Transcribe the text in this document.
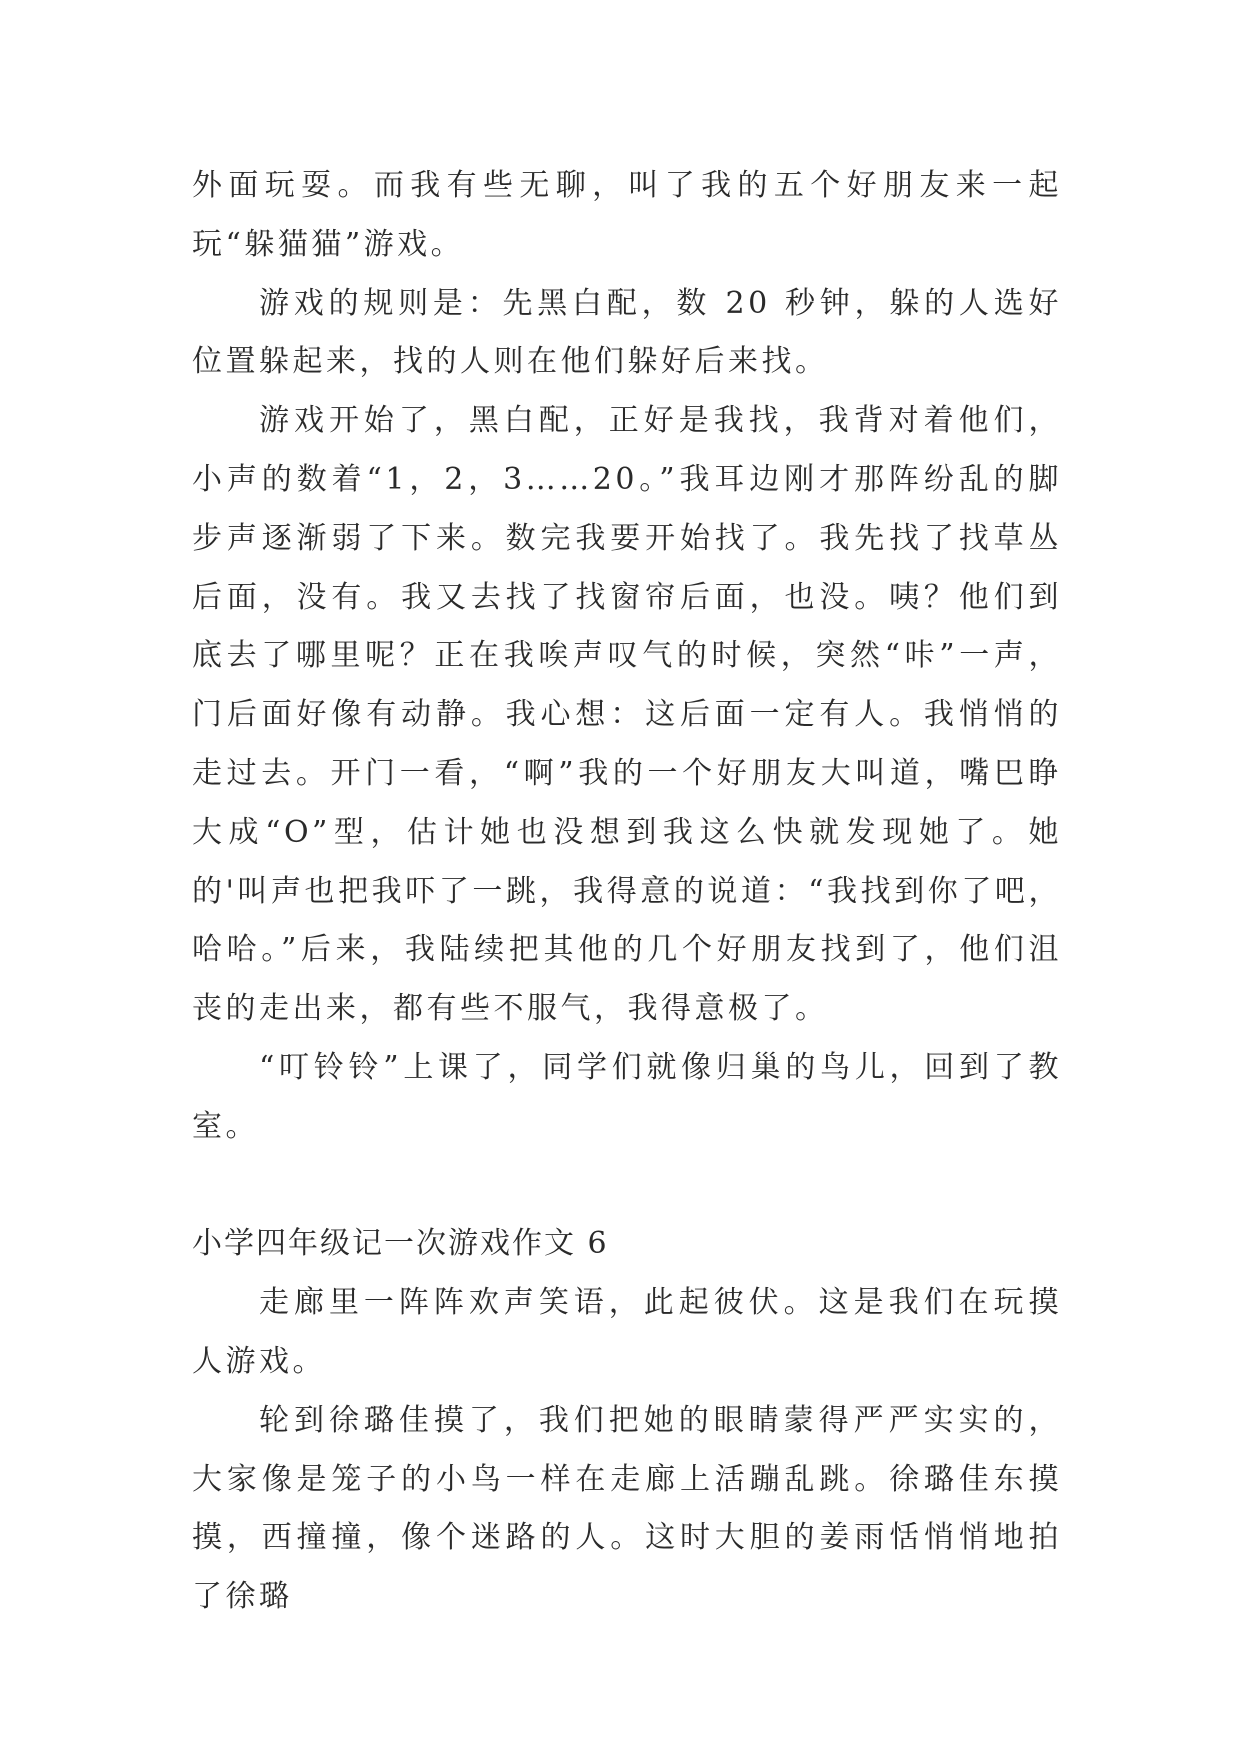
外面玩耍。而我有些无聊，叫了我的五个好朋友来一起玩“躲猫猫”游戏。

游戏的规则是：先黑白配，数 20 秒钟，躲的人选好位置躲起来，找的人则在他们躲好后来找。

游戏开始了，黑白配，正好是我找，我背对着他们，小声的数着“1，2，3……20。”我耳边刚才那阵纷乱的脚步声逐渐弱了下来。数完我要开始找了。我先找了找草丛后面，没有。我又去找了找窗帘后面，也没。咦？他们到底去了哪里呢？正在我唉声叹气的时候，突然“咔”一声，门后面好像有动静。我心想：这后面一定有人。我悄悄的走过去。开门一看，“啊”我的一个好朋友大叫道，嘴巴睁大成“O”型，估计她也没想到我这么快就发现她了。她的'叫声也把我吓了一跳，我得意的说道：“我找到你了吧，哈哈。”后来，我陆续把其他的几个好朋友找到了，他们沮丧的走出来，都有些不服气，我得意极了。

“叮铃铃”上课了，同学们就像归巢的鸟儿，回到了教室。

小学四年级记一次游戏作文 6

走廊里一阵阵欢声笑语，此起彼伏。这是我们在玩摸人游戏。

轮到徐璐佳摸了，我们把她的眼睛蒙得严严实实的，大家像是笼子的小鸟一样在走廊上活蹦乱跳。徐璐佳东摸摸，西撞撞，像个迷路的人。这时大胆的姜雨恬悄悄地拍了徐璐
